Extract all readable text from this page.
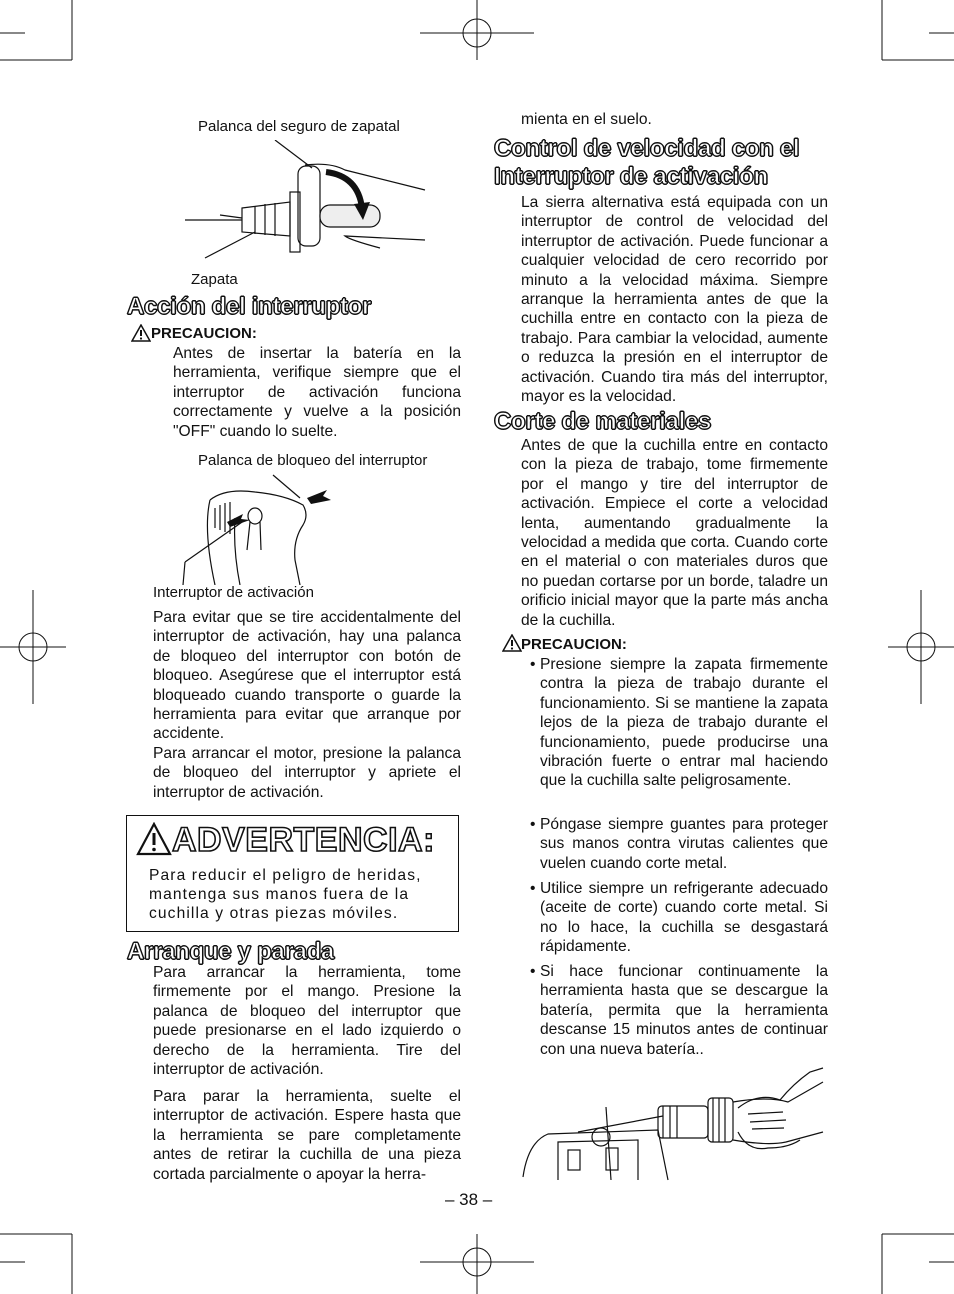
Palanca del seguro de zapatal
Zapata
Acción del interruptor
PRECAUCION:
Antes de insertar la batería en la herramienta, verifique siempre que el interruptor de activación funciona correctamente y vuelve a la posición "OFF" cuando lo suelte.
Palanca de bloqueo del interruptor
Interruptor de activación
Para evitar que se tire accidentalmente del interruptor de activación, hay una palanca de bloqueo del interruptor con botón de bloqueo. Asegúrese que el interruptor está bloqueado cuando transporte o guarde la herramienta para evitar que arranque por accidente.
Para arrancar el motor, presione la palanca de bloqueo del interruptor y apriete el interruptor de activación.
ADVERTENCIA:
Para reducir el peligro de heridas, mantenga sus manos fuera de la cuchilla y otras piezas móviles.
Arranque y parada
Para arrancar la herramienta, tome firmemente por el mango. Presione la palanca de bloqueo del interruptor que puede presionarse en el lado izquierdo o derecho de la herramienta. Tire del interruptor de activación.
Para parar la herramienta, suelte el interruptor de activación. Espere hasta que la herramienta se pare completamente antes de retirar la cuchilla de una pieza cortada parcialmente o apoyar la herra-
mienta en el suelo.
Control de velocidad con el
Interruptor de activación
La sierra alternativa está equipada con un interruptor de control de velocidad del interruptor de activación. Puede funcionar a cualquier velocidad de cero recorrido por minuto a la velocidad máxima. Siempre arranque la herramienta antes de que la cuchilla entre en contacto con la pieza de trabajo. Para cambiar la velocidad, aumente o reduzca la presión en el interruptor de activación. Cuando tira más del interruptor, mayor es la velocidad.
Corte de materiales
Antes de que la cuchilla entre en contacto con la pieza de trabajo, tome firmemente por el mango y tire del interruptor de activación. Empiece el corte a velocidad lenta, aumentando gradualmente la velocidad a medida que corta. Cuando corte en el material o con materiales duros que no puedan cortarse por un borde, taladre un orificio inicial mayor que la parte más ancha de la cuchilla.
PRECAUCION:
• Presione siempre la zapata firmemente contra la pieza de trabajo durante el funcionamiento. Si se mantiene la zapata lejos de la pieza de trabajo durante el funcionamiento, puede producirse una vibración fuerte o entrar mal haciendo que la cuchilla salte peligrosamente.
• Póngase siempre guantes para proteger sus manos contra virutas calientes que vuelen cuando corte metal.
• Utilice siempre un refrigerante adecuado (aceite de corte) cuando corte metal. Si no lo hace, la cuchilla se desgastará rápidamente.
• Si hace funcionar continuamente la herramienta hasta que se descargue la batería, permita que la herramienta descanse 15 minutos antes de continuar con una nueva batería..
– 38 –
